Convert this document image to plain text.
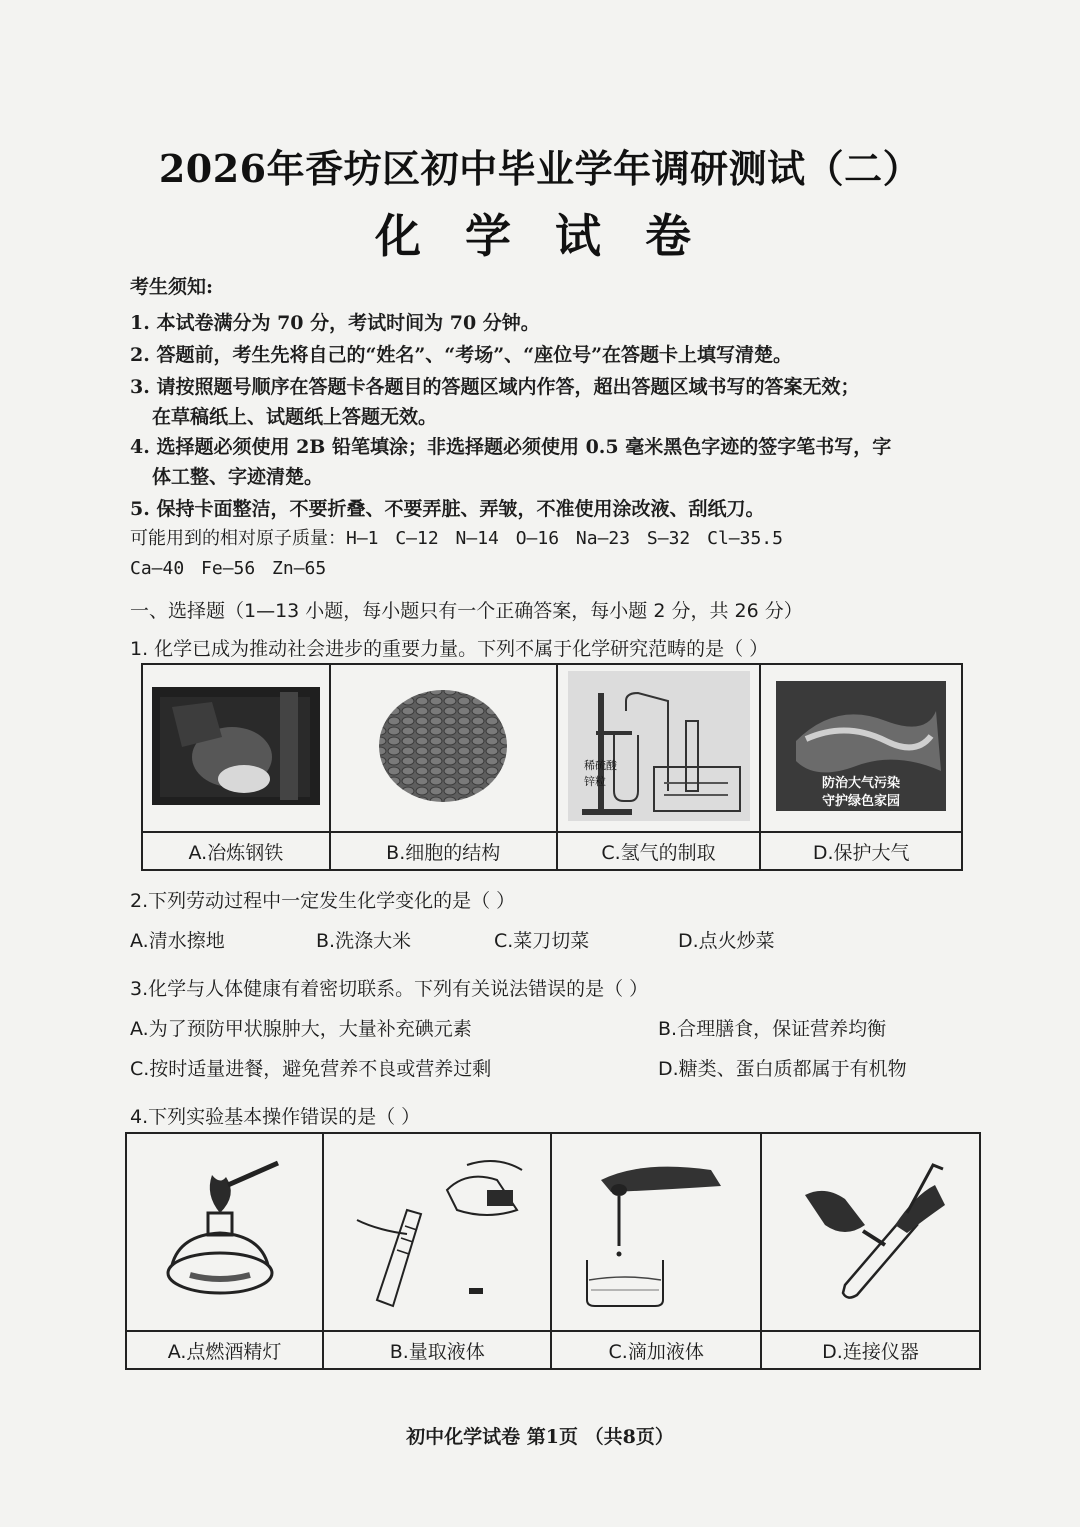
2026年香坊区初中毕业学年调研测试（二）
化 学 试 卷
考生须知:
1. 本试卷满分为 70 分，考试时间为 70 分钟。
2. 答题前，考生先将自己的“姓名”、“考场”、“座位号”在答题卡上填写清楚。
3. 请按照题号顺序在答题卡各题目的答题区域内作答，超出答题区域书写的答案无效；
在草稿纸上、试题纸上答题无效。
4. 选择题必须使用 2B 铅笔填涂；非选择题必须使用 0.5 毫米黑色字迹的签字笔书写，字
体工整、字迹清楚。
5. 保持卡面整洁，不要折叠、不要弄脏、弄皱，不准使用涂改液、刮纸刀。
可能用到的相对原子质量：H—1 C—12 N—14 O—16 Na—23 S—32 Cl—35.5
Ca—40 Fe—56 Zn—65
一、选择题（1—13 小题，每小题只有一个正确答案，每小题 2 分，共 26 分）
1. 化学已成为推动社会进步的重要力量。下列不属于化学研究范畴的是（ ）

稀硫酸
锌粒	防治大气污染
守护绿色家园

A.冶炼钢铁	B.细胞的结构	C.氢气的制取	D.保护大气
2.下列劳动过程中一定发生化学变化的是（ ）
A.清水擦地	B.洗涤大米	C.菜刀切菜	D.点火炒菜
3.化学与人体健康有着密切联系。下列有关说法错误的是（ ）
A.为了预防甲状腺肿大，大量补充碘元素	B.合理膳食，保证营养均衡
C.按时适量进餐，避免营养不良或营养过剩	D.糖类、蛋白质都属于有机物
4.下列实验基本操作错误的是（ ）

A.点燃酒精灯	B.量取液体	C.滴加液体	D.连接仪器
初中化学试卷 第1页 （共8页）
